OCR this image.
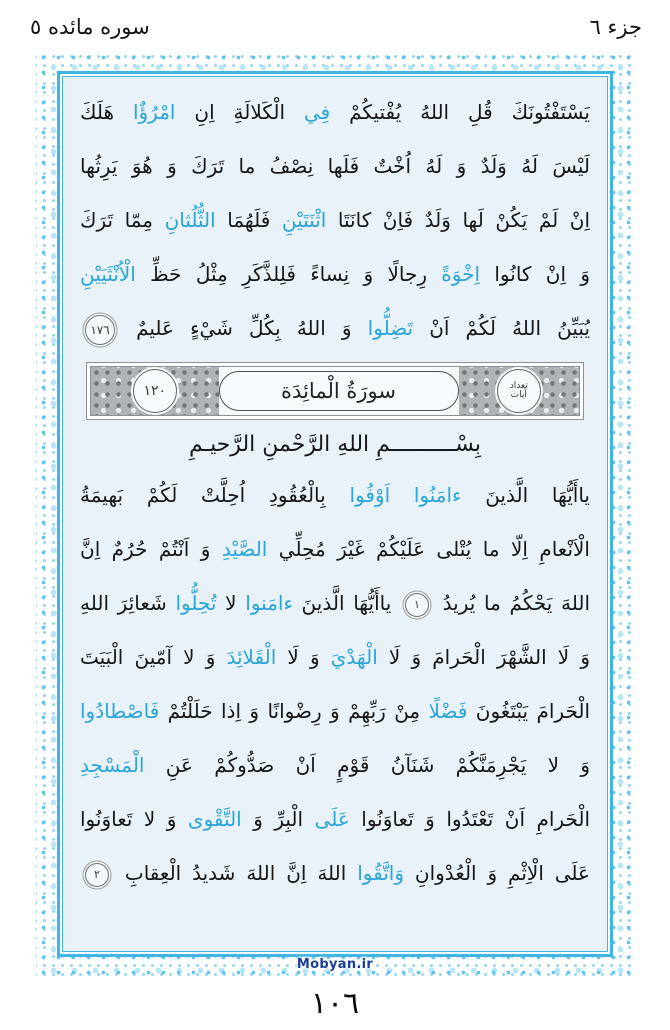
جزء ٦
سوره مائده ٥
يَسْتَفْتُونَكَ قُلِ اللهُ يُفْتيكُمْ فِي الْكَلالَةِ اِنِ امْرُؤٌا هَلَكَ
لَيْسَ لَهُ وَلَدٌ وَ لَهُ اُخْتٌ فَلَها نِصْفُ ما تَرَكَ وَ هُوَ يَرِثُها
اِنْ لَمْ يَكُنْ لَها وَلَدٌ فَاِنْ كانَتَا اثْنَتَيْنِ فَلَهُمَا الثُّلُثانِ مِمّا تَرَكَ
وَ اِنْ كانُوا اِخْوَةً رِجالًا وَ نِساءً فَلِلذَّكَرِ مِثْلُ حَظِّ الْاُنْثَيَيْنِ
يُبَيِّنُ اللهُ لَكُمْ اَنْ تَضِلُّوا وَ اللهُ بِكُلِّ شَيْءٍ عَليمٌ ١٧٦
تعداد
آيات
سورَةُ الْمائِدَة
١٢٠
بِسْــــــــــمِ اللهِ الرَّحْمنِ الرَّحيـمِ
ياأَيُّهَا الَّذينَ ءامَنُوا اَوْفُوا بِالْعُقُودِ اُحِلَّتْ لَكُمْ بَهيمَةُ
الْاَنْعامِ اِلّا ما يُتْلى عَلَيْكُمْ غَيْرَ مُحِلِّي الصَّيْدِ وَ اَنْتُمْ حُرُمٌ اِنَّ
اللهَ يَحْكُمُ ما يُريدُ ١ ياأَيُّهَا الَّذينَ ءامَنوا لا تُحِلُّوا شَعائِرَ اللهِ
وَ لَا الشَّهْرَ الْحَرامَ وَ لَا الْهَدْيَ وَ لَا الْقَلائِدَ وَ لا آمّينَ الْبَيَتَ
الْحَرامَ يَبْتَغُونَ فَضْلًا مِنْ رَبِّهِمْ وَ رِضْوانًا وَ اِذا حَلَلْتُمْ فَاصْطادُوا
وَ لا يَجْرِمَنَّكُمْ شَنَآنُ قَوْمٍ اَنْ صَدُّوكُمْ عَنِ الْمَسْجِدِ
الْحَرامِ اَنْ تَعْتَدُوا وَ تَعاوَنُوا عَلَى الْبِرِّ وَ التَّقْوى وَ لا تَعاوَنُوا
عَلَى الْاِثْمِ وَ الْعُدْوانِ وَاتَّقُوا اللهَ اِنَّ اللهَ شَديدُ الْعِقابِ ٢
Mobyan.ir
١٠٦
